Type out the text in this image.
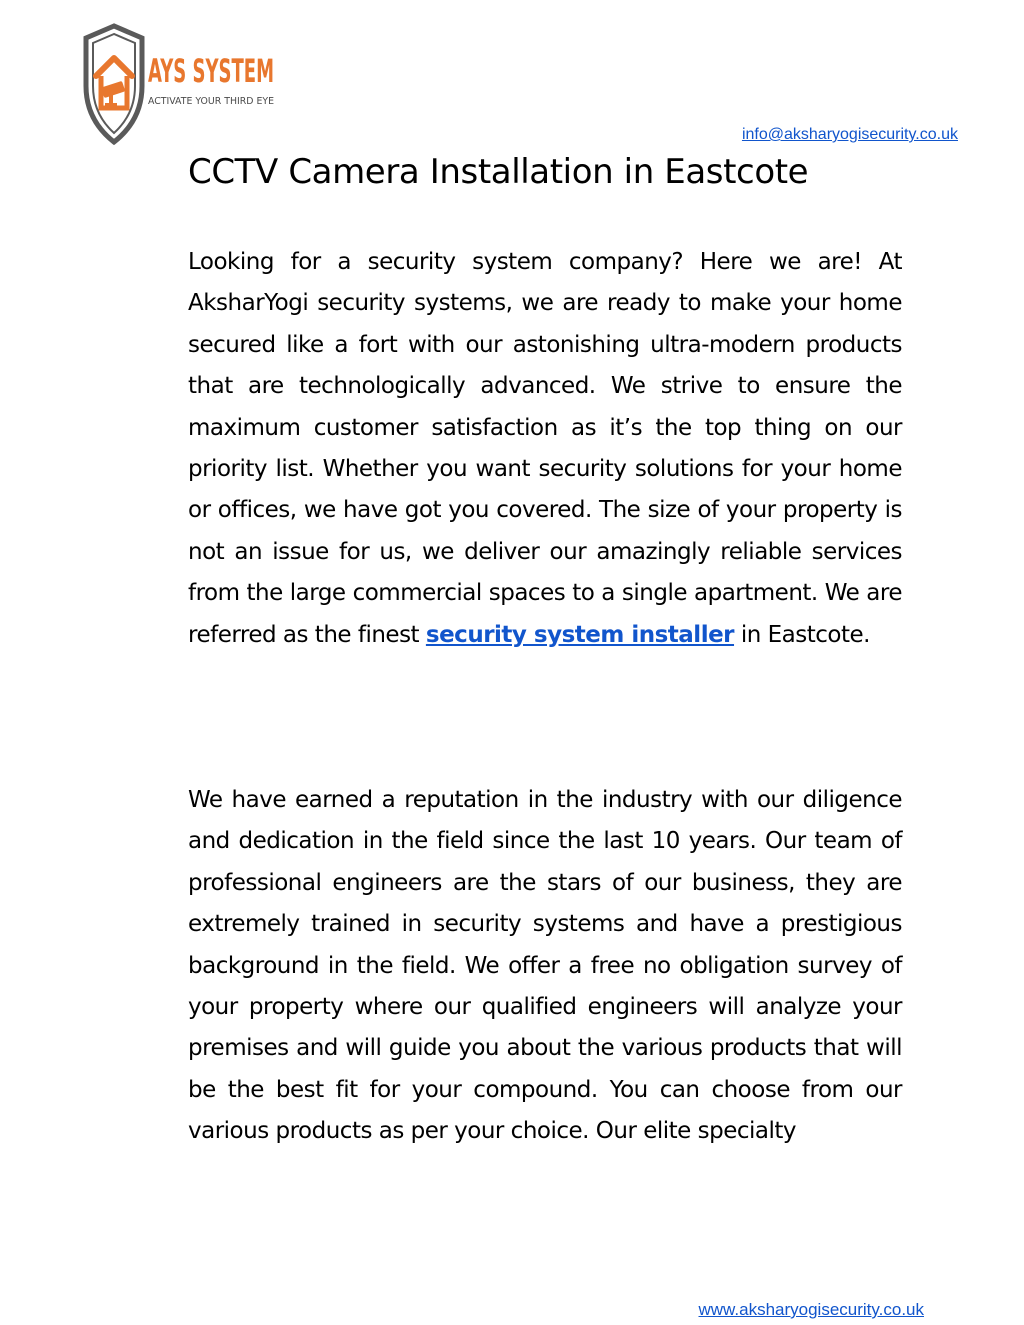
AYS SYSTEM
ACTIVATE YOUR THIRD EYE
info@aksharyogisecurity.co.uk
CCTV Camera Installation in Eastcote

Looking for a security system company? Here we are! At AksharYogi security systems, we are ready to make your home secured like a fort with our astonishing ultra-modern products that are technologically advanced. We strive to ensure the maximum customer satisfaction as it’s the top thing on our priority list. Whether you want security solutions for your home or offices, we have got you covered. The size of your property is not an issue for us, we deliver our amazingly reliable services from the large commercial spaces to a single apartment. We are referred as the finest security system installer in Eastcote.

We have earned a reputation in the industry with our diligence and dedication in the field since the last 10 years. Our team of professional engineers are the stars of our business, they are extremely trained in security systems and have a prestigious background in the field. We offer a free no obligation survey of your property where our qualified engineers will analyze your premises and will guide you about the various products that will be the best fit for your compound. You can choose from our various products as per your choice. Our elite specialty

www.aksharyogisecurity.co.uk
